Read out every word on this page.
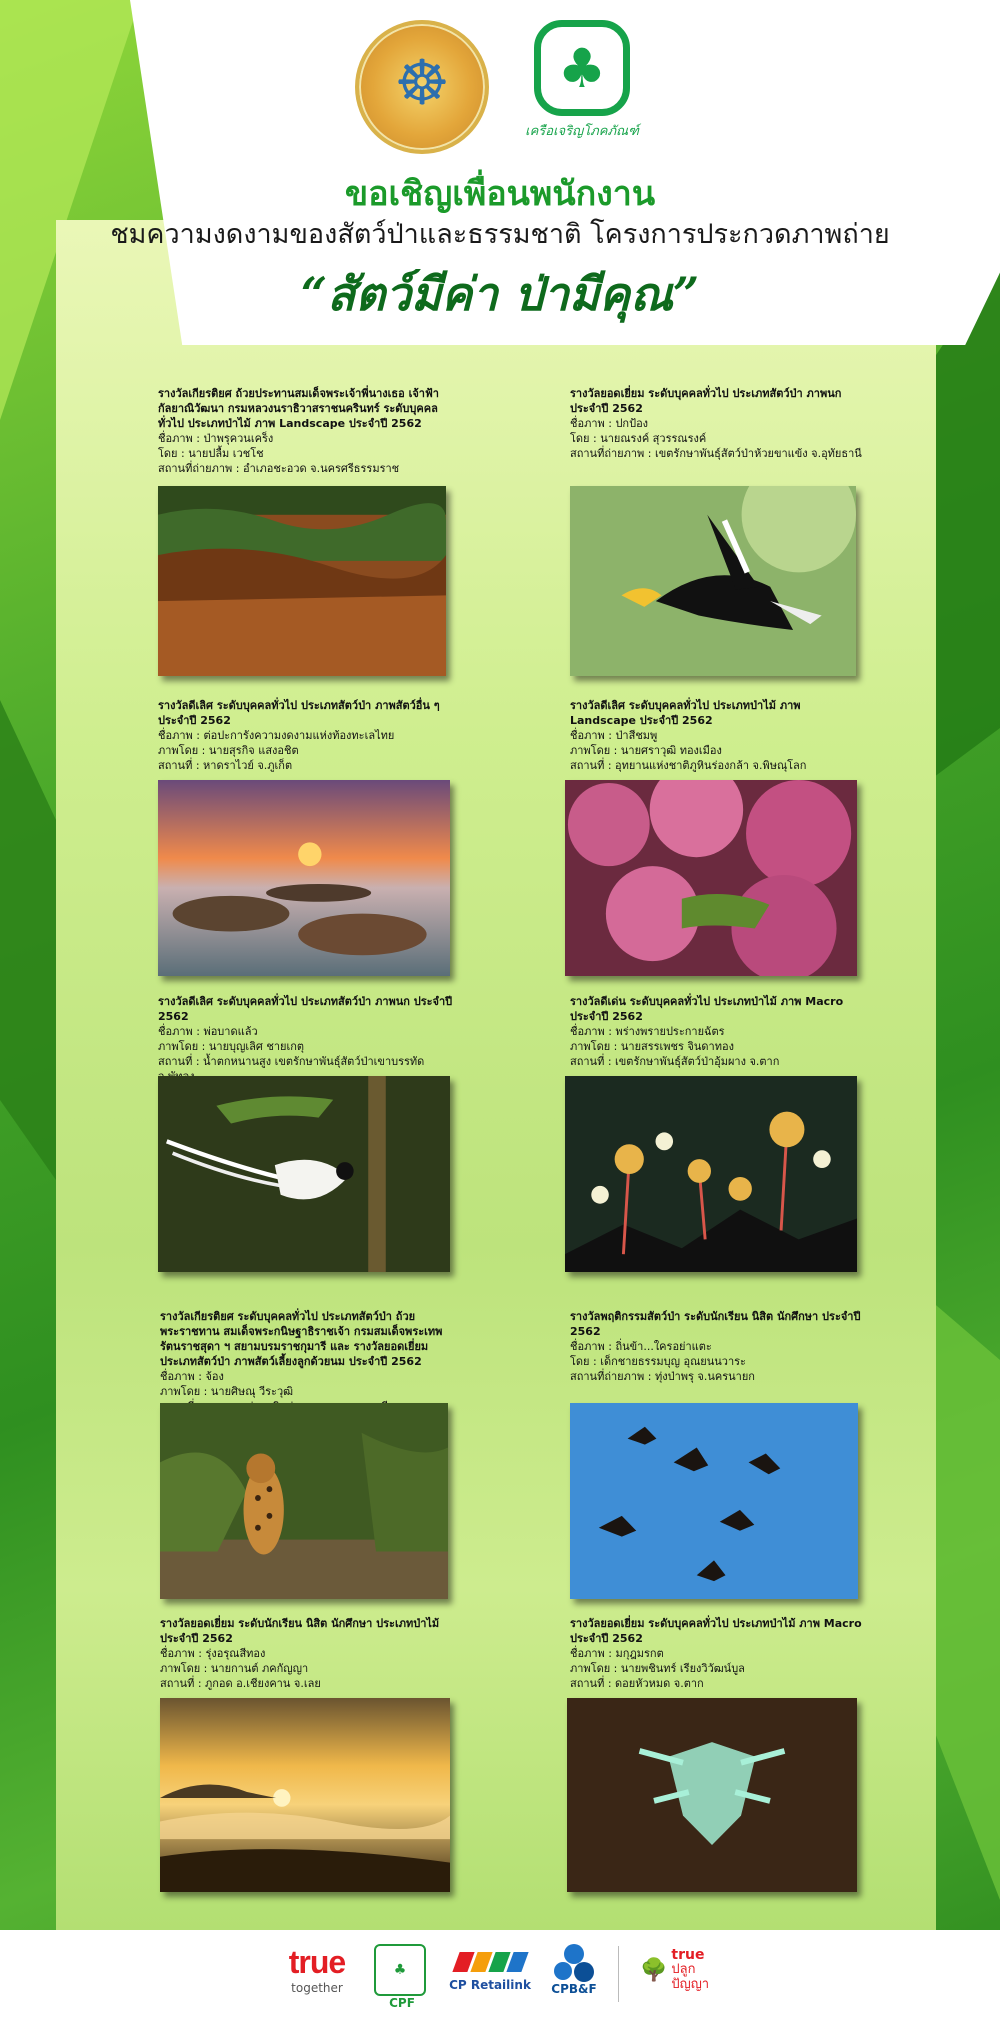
☸
♣
เครือเจริญโภคภัณฑ์
ขอเชิญเพื่อนพนักงาน
ชมความงดงามของสัตว์ป่าและธรรมชาติ โครงการประกวดภาพถ่าย
“สัตว์มีค่า ป่ามีคุณ”
รางวัลเกียรติยศ ถ้วยประทานสมเด็จพระเจ้าพี่นางเธอ เจ้าฟ้ากัลยาณิวัฒนา กรมหลวงนราธิวาสราชนครินทร์ ระดับบุคคลทั่วไป ประเภทป่าไม้ ภาพ Landscape ประจำปี 2562
ชื่อภาพ : ป่าพรุควนเคร็ง
โดย : นายปลื้ม เวชโช
สถานที่ถ่ายภาพ : อำเภอชะอวด จ.นครศรีธรรมราช
รางวัลยอดเยี่ยม ระดับบุคคลทั่วไป ประเภทสัตว์ป่า ภาพนก ประจำปี 2562
ชื่อภาพ : ปกป้อง
โดย : นายณรงค์ สุวรรณรงค์
สถานที่ถ่ายภาพ : เขตรักษาพันธุ์สัตว์ป่าห้วยขาแข้ง จ.อุทัยธานี
รางวัลดีเลิศ ระดับบุคคลทั่วไป ประเภทสัตว์ป่า ภาพสัตว์อื่น ๆ ประจำปี 2562
ชื่อภาพ : ต่อปะการังความงดงามแห่งท้องทะเลไทย
ภาพโดย : นายสุรกิจ แสงอชิต
สถานที่ : หาดราไวย์ จ.ภูเก็ต
รางวัลดีเลิศ ระดับบุคคลทั่วไป ประเภทป่าไม้ ภาพ Landscape ประจำปี 2562
ชื่อภาพ : ป่าสีชมพู
ภาพโดย : นายศราวุฒิ ทองเมือง
สถานที่ : อุทยานแห่งชาติภูหินร่องกล้า จ.พิษณุโลก
รางวัลดีเลิศ ระดับบุคคลทั่วไป ประเภทสัตว์ป่า ภาพนก ประจำปี 2562
ชื่อภาพ : พ่อบาดแล้ว
ภาพโดย : นายบุญเลิศ ชายเกตุ
สถานที่ : น้ำตกหนานสูง เขตรักษาพันธุ์สัตว์ป่าเขาบรรทัด
รางวัลดีเด่น ระดับบุคคลทั่วไป ประเภทป่าไม้ ภาพ Macro ประจำปี 2562
ชื่อภาพ : พร่างพรายประกายฉัตร
ภาพโดย : นายสรรเพชร จินดาทอง
สถานที่ : เขตรักษาพันธุ์สัตว์ป่าอุ้มผาง จ.ตาก
รางวัลเกียรติยศ ระดับบุคคลทั่วไป ประเภทสัตว์ป่า ถ้วยพระราชทาน สมเด็จพระกนิษฐาธิราชเจ้า กรมสมเด็จพระเทพรัตนราชสุดา ฯ สยามบรมราชกุมารี และ รางวัลยอดเยี่ยม ประเภทสัตว์ป่า ภาพสัตว์เลี้ยงลูกด้วยนม ประจำปี 2562
ชื่อภาพ : จ้อง
ภาพโดย : นายศิษณุ วีระวุฒิ
รางวัลพฤติกรรมสัตว์ป่า ระดับนักเรียน นิสิต นักศึกษา ประจำปี 2562
ชื่อภาพ : ถิ่นข้า...ใครอย่าแตะ
โดย : เด็กชายธรรมบุญ อุณยนนวาระ
สถานที่ถ่ายภาพ : ทุ่งป่าพรุ จ.นครนายก
รางวัลยอดเยี่ยม ระดับนักเรียน นิสิต นักศึกษา ประเภทป่าไม้ ประจำปี 2562
ชื่อภาพ : รุ่งอรุณสีทอง
ภาพโดย : นายกานต์ ภคกัญญา
สถานที่ : ภูกอด อ.เชียงคาน จ.เลย
รางวัลยอดเยี่ยม ระดับบุคคลทั่วไป ประเภทป่าไม้ ภาพ Macro ประจำปี 2562
ชื่อภาพ : มกุฎมรกต
ภาพโดย : นายพชินทร์ เรียงวิวัฒน์บูล
สถานที่ : ดอยหัวหมด จ.ตาก
true
together
♣
CPF
CP Retailink	CPB&F
🌳
true
ปลูกปัญญา
